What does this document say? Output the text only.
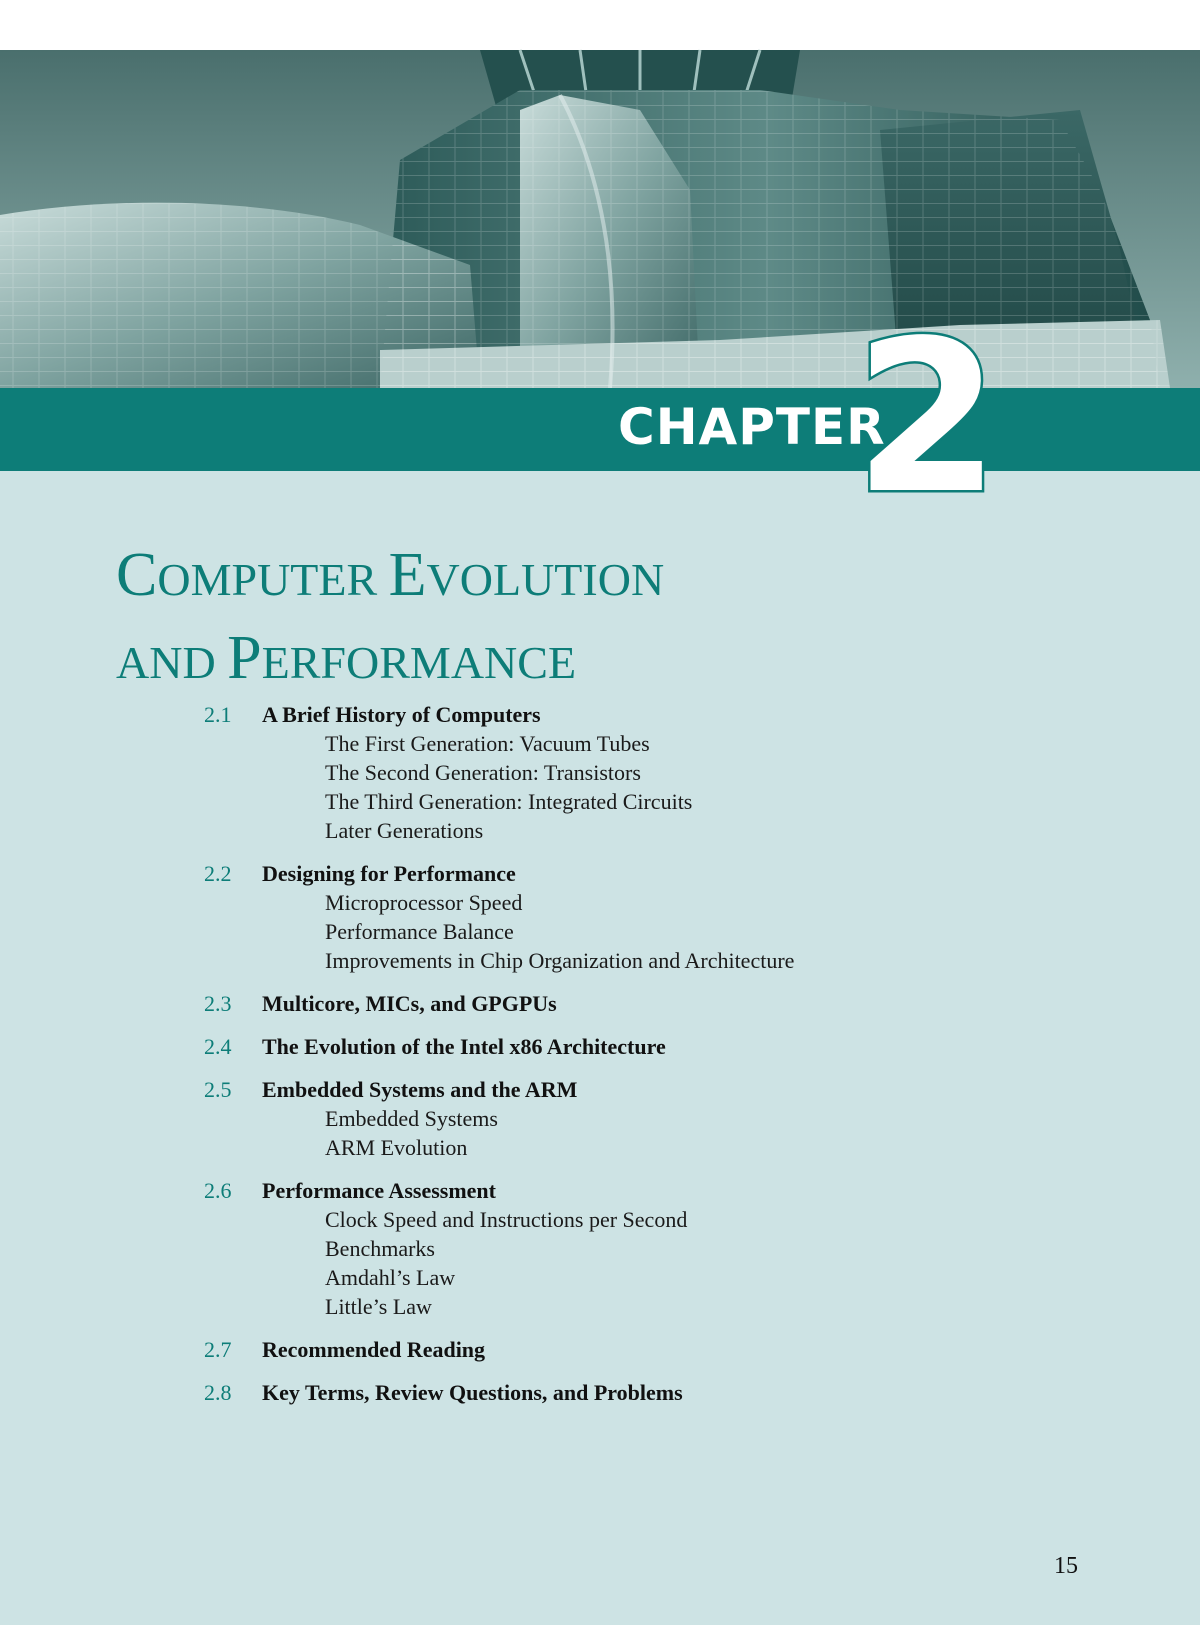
CHAPTER
2
COMPUTER EVOLUTION
AND PERFORMANCE
2.1 A Brief History of Computers
The First Generation: Vacuum Tubes
The Second Generation: Transistors
The Third Generation: Integrated Circuits
Later Generations
2.2 Designing for Performance
Microprocessor Speed
Performance Balance
Improvements in Chip Organization and Architecture
2.3 Multicore, MICs, and GPGPUs
2.4 The Evolution of the Intel x86 Architecture
2.5 Embedded Systems and the ARM
Embedded Systems
ARM Evolution
2.6 Performance Assessment
Clock Speed and Instructions per Second
Benchmarks
Amdahl’s Law
Little’s Law
2.7 Recommended Reading
2.8 Key Terms, Review Questions, and Problems
15
